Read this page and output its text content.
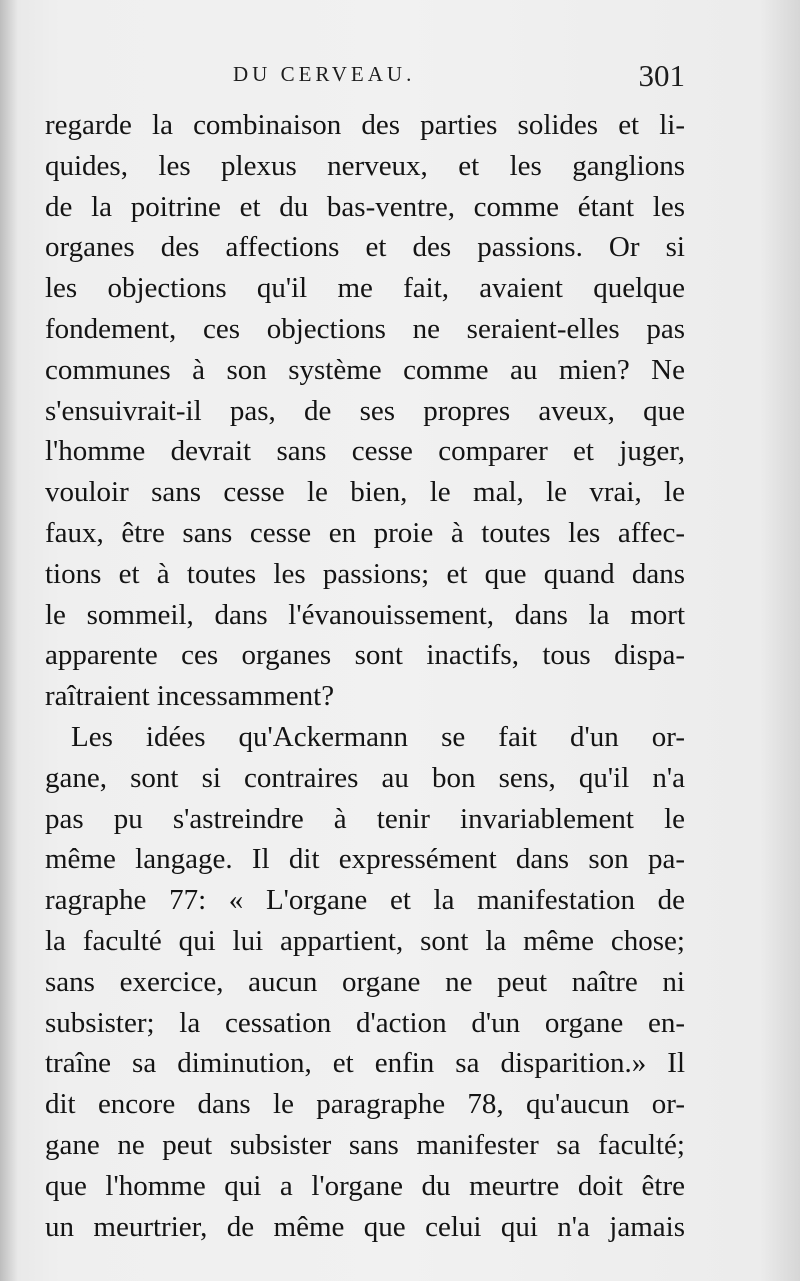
DU CERVEAU.	301
regarde la combinaison des parties solides et li-
quides, les plexus nerveux, et les ganglions
de la poitrine et du bas-ventre, comme étant les
organes des affections et des passions. Or si
les objections qu'il me fait, avaient quelque
fondement, ces objections ne seraient-elles pas
communes à son système comme au mien? Ne
s'ensuivrait-il pas, de ses propres aveux, que
l'homme devrait sans cesse comparer et juger,
vouloir sans cesse le bien, le mal, le vrai, le
faux, être sans cesse en proie à toutes les affec-
tions et à toutes les passions; et que quand dans
le sommeil, dans l'évanouissement, dans la mort
apparente ces organes sont inactifs, tous dispa-
raîtraient incessamment?
Les idées qu'Ackermann se fait d'un or-
gane, sont si contraires au bon sens, qu'il n'a
pas pu s'astreindre à tenir invariablement le
même langage. Il dit expressément dans son pa-
ragraphe 77: « L'organe et la manifestation de
la faculté qui lui appartient, sont la même chose;
sans exercice, aucun organe ne peut naître ni
subsister; la cessation d'action d'un organe en-
traîne sa diminution, et enfin sa disparition.» Il
dit encore dans le paragraphe 78, qu'aucun or-
gane ne peut subsister sans manifester sa faculté;
que l'homme qui a l'organe du meurtre doit être
un meurtrier, de même que celui qui n'a jamais
